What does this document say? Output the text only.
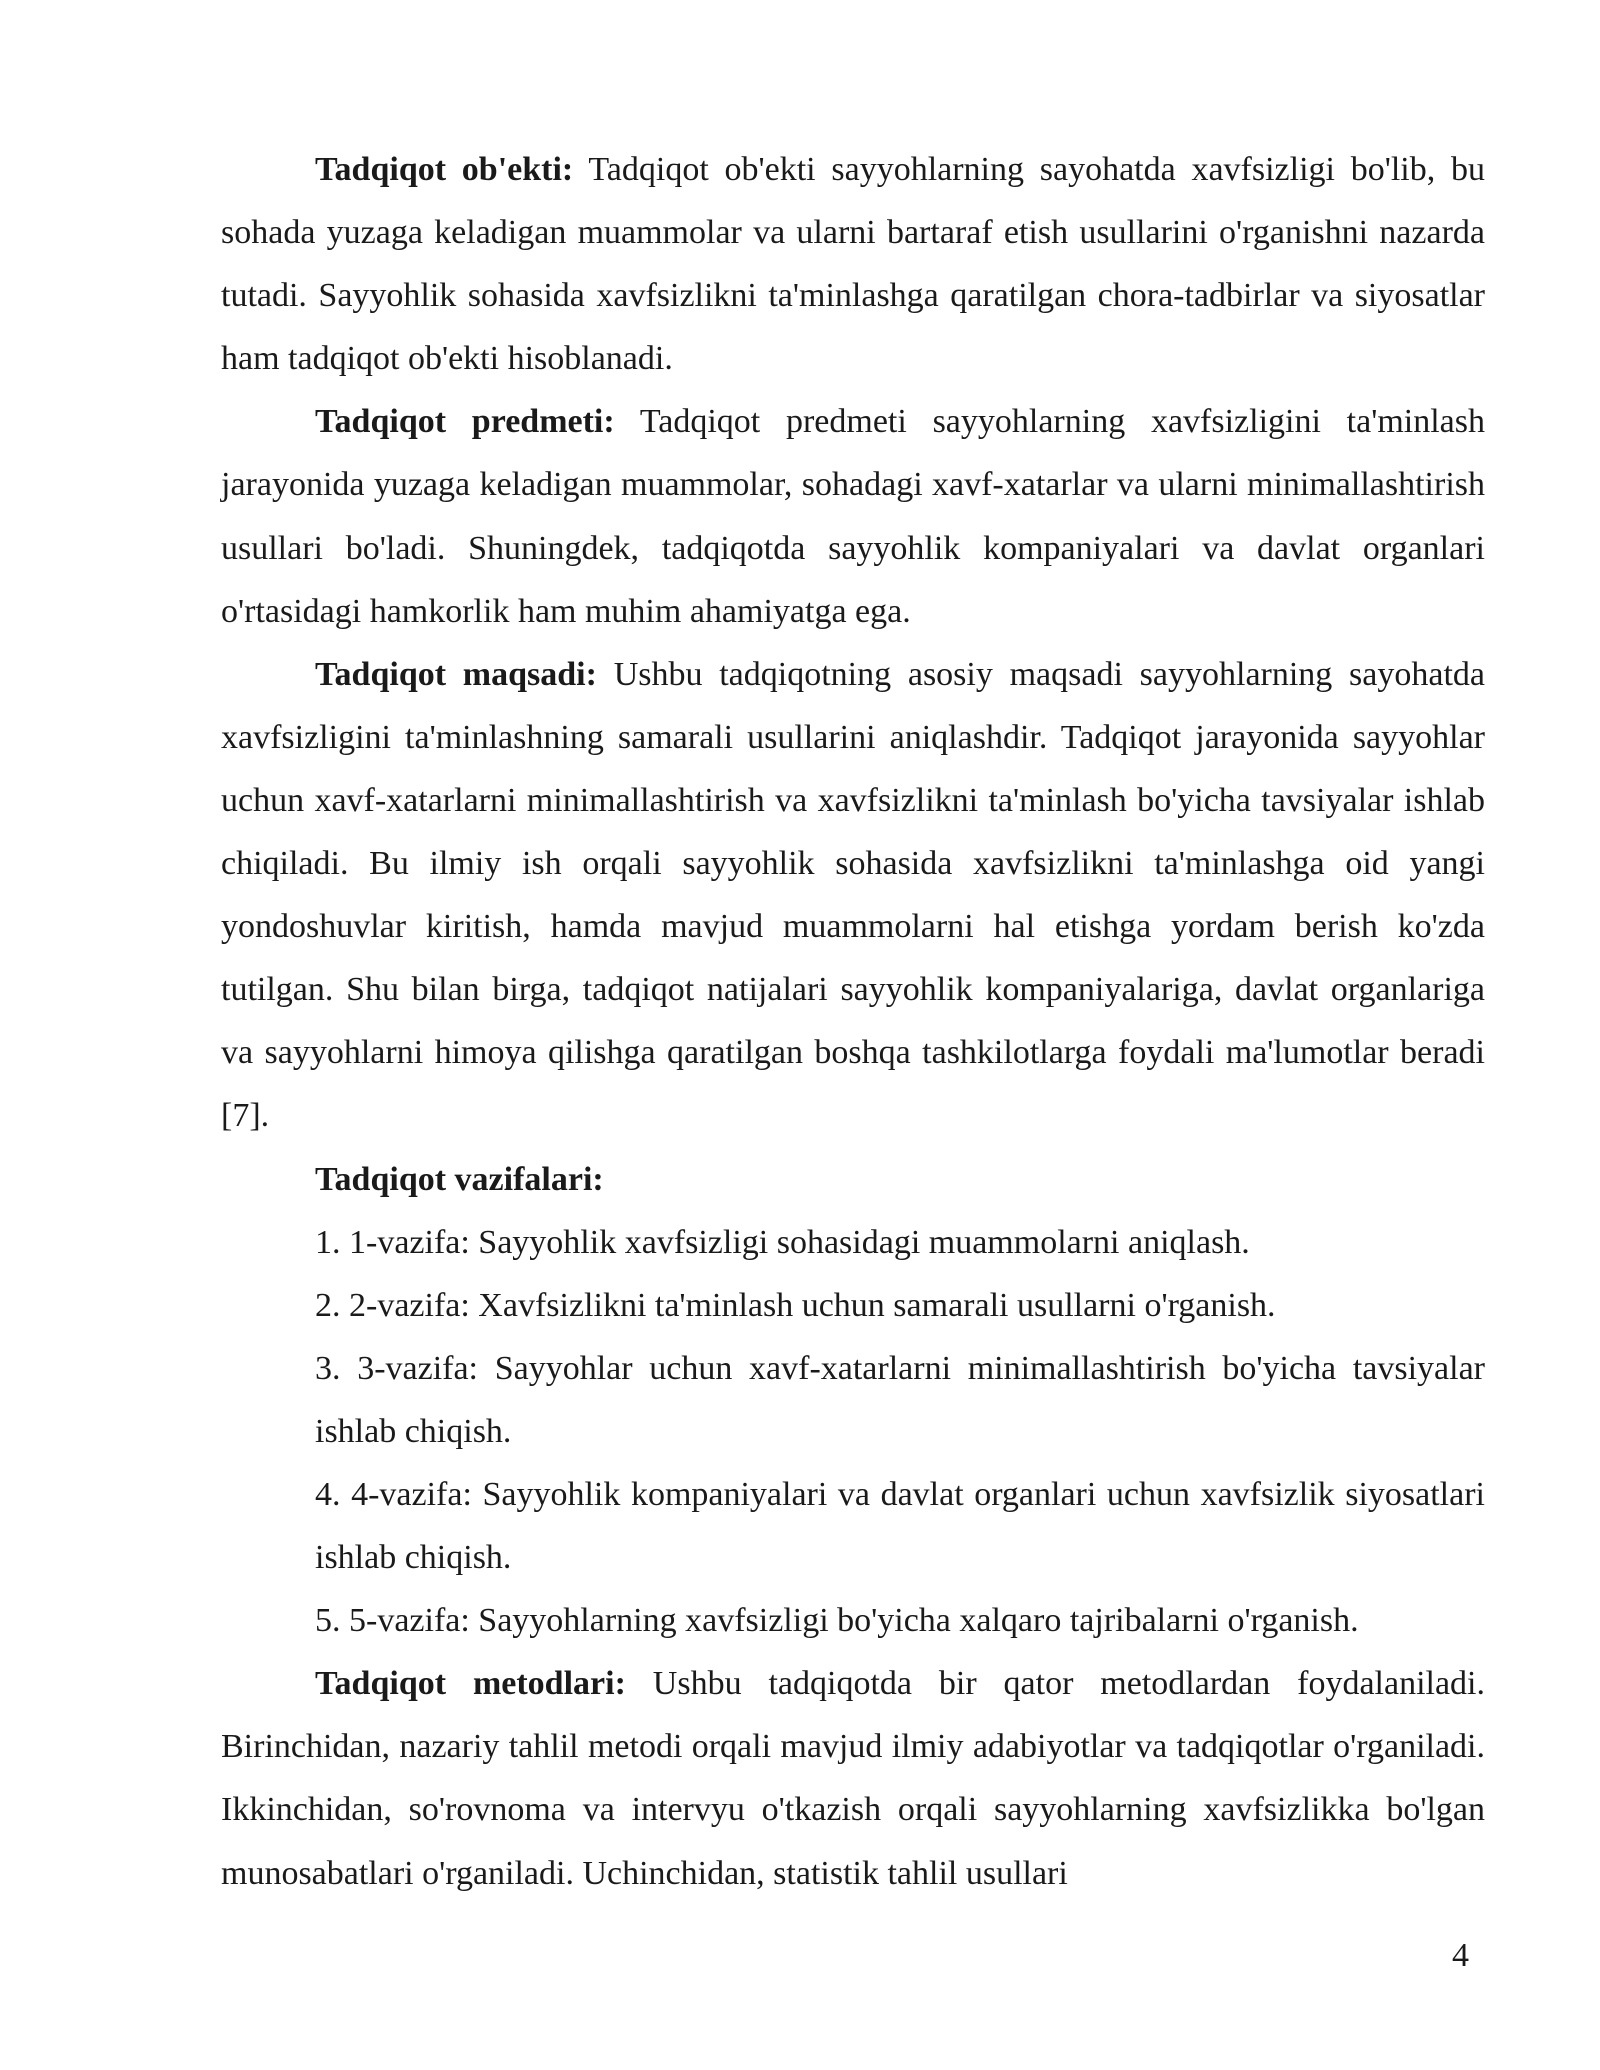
Tadqiqot ob'ekti: Tadqiqot ob'ekti sayyohlarning sayohatda xavfsizligi bo'lib, bu sohada yuzaga keladigan muammolar va ularni bartaraf etish usullarini o'rganishni nazarda tutadi. Sayyohlik sohasida xavfsizlikni ta'minlashga qaratilgan chora-tadbirlar va siyosatlar ham tadqiqot ob'ekti hisoblanadi.

Tadqiqot predmeti: Tadqiqot predmeti sayyohlarning xavfsizligini ta'minlash jarayonida yuzaga keladigan muammolar, sohadagi xavf-xatarlar va ularni minimallashtirish usullari bo'ladi. Shuningdek, tadqiqotda sayyohlik kompaniyalari va davlat organlari o'rtasidagi hamkorlik ham muhim ahamiyatga ega.

Tadqiqot maqsadi: Ushbu tadqiqotning asosiy maqsadi sayyohlarning sayohatda xavfsizligini ta'minlashning samarali usullarini aniqlashdir. Tadqiqot jarayonida sayyohlar uchun xavf-xatarlarni minimallashtirish va xavfsizlikni ta'minlash bo'yicha tavsiyalar ishlab chiqiladi. Bu ilmiy ish orqali sayyohlik sohasida xavfsizlikni ta'minlashga oid yangi yondoshuvlar kiritish, hamda mavjud muammolarni hal etishga yordam berish ko'zda tutilgan. Shu bilan birga, tadqiqot natijalari sayyohlik kompaniyalariga, davlat organlariga va sayyohlarni himoya qilishga qaratilgan boshqa tashkilotlarga foydali ma'lumotlar beradi [7].

Tadqiqot vazifalari:

1. 1-vazifa: Sayyohlik xavfsizligi sohasidagi muammolarni aniqlash.
2. 2-vazifa: Xavfsizlikni ta'minlash uchun samarali usullarni o'rganish.
3. 3-vazifa: Sayyohlar uchun xavf-xatarlarni minimallashtirish bo'yicha tavsiyalar ishlab chiqish.
4. 4-vazifa: Sayyohlik kompaniyalari va davlat organlari uchun xavfsizlik siyosatlari ishlab chiqish.
5. 5-vazifa: Sayyohlarning xavfsizligi bo'yicha xalqaro tajribalarni o'rganish.

Tadqiqot metodlari: Ushbu tadqiqotda bir qator metodlardan foydalaniladi. Birinchidan, nazariy tahlil metodi orqali mavjud ilmiy adabiyotlar va tadqiqotlar o'rganiladi. Ikkinchidan, so'rovnoma va intervyu o'tkazish orqali sayyohlarning xavfsizlikka bo'lgan munosabatlari o'rganiladi. Uchinchidan, statistik tahlil usullari

4
